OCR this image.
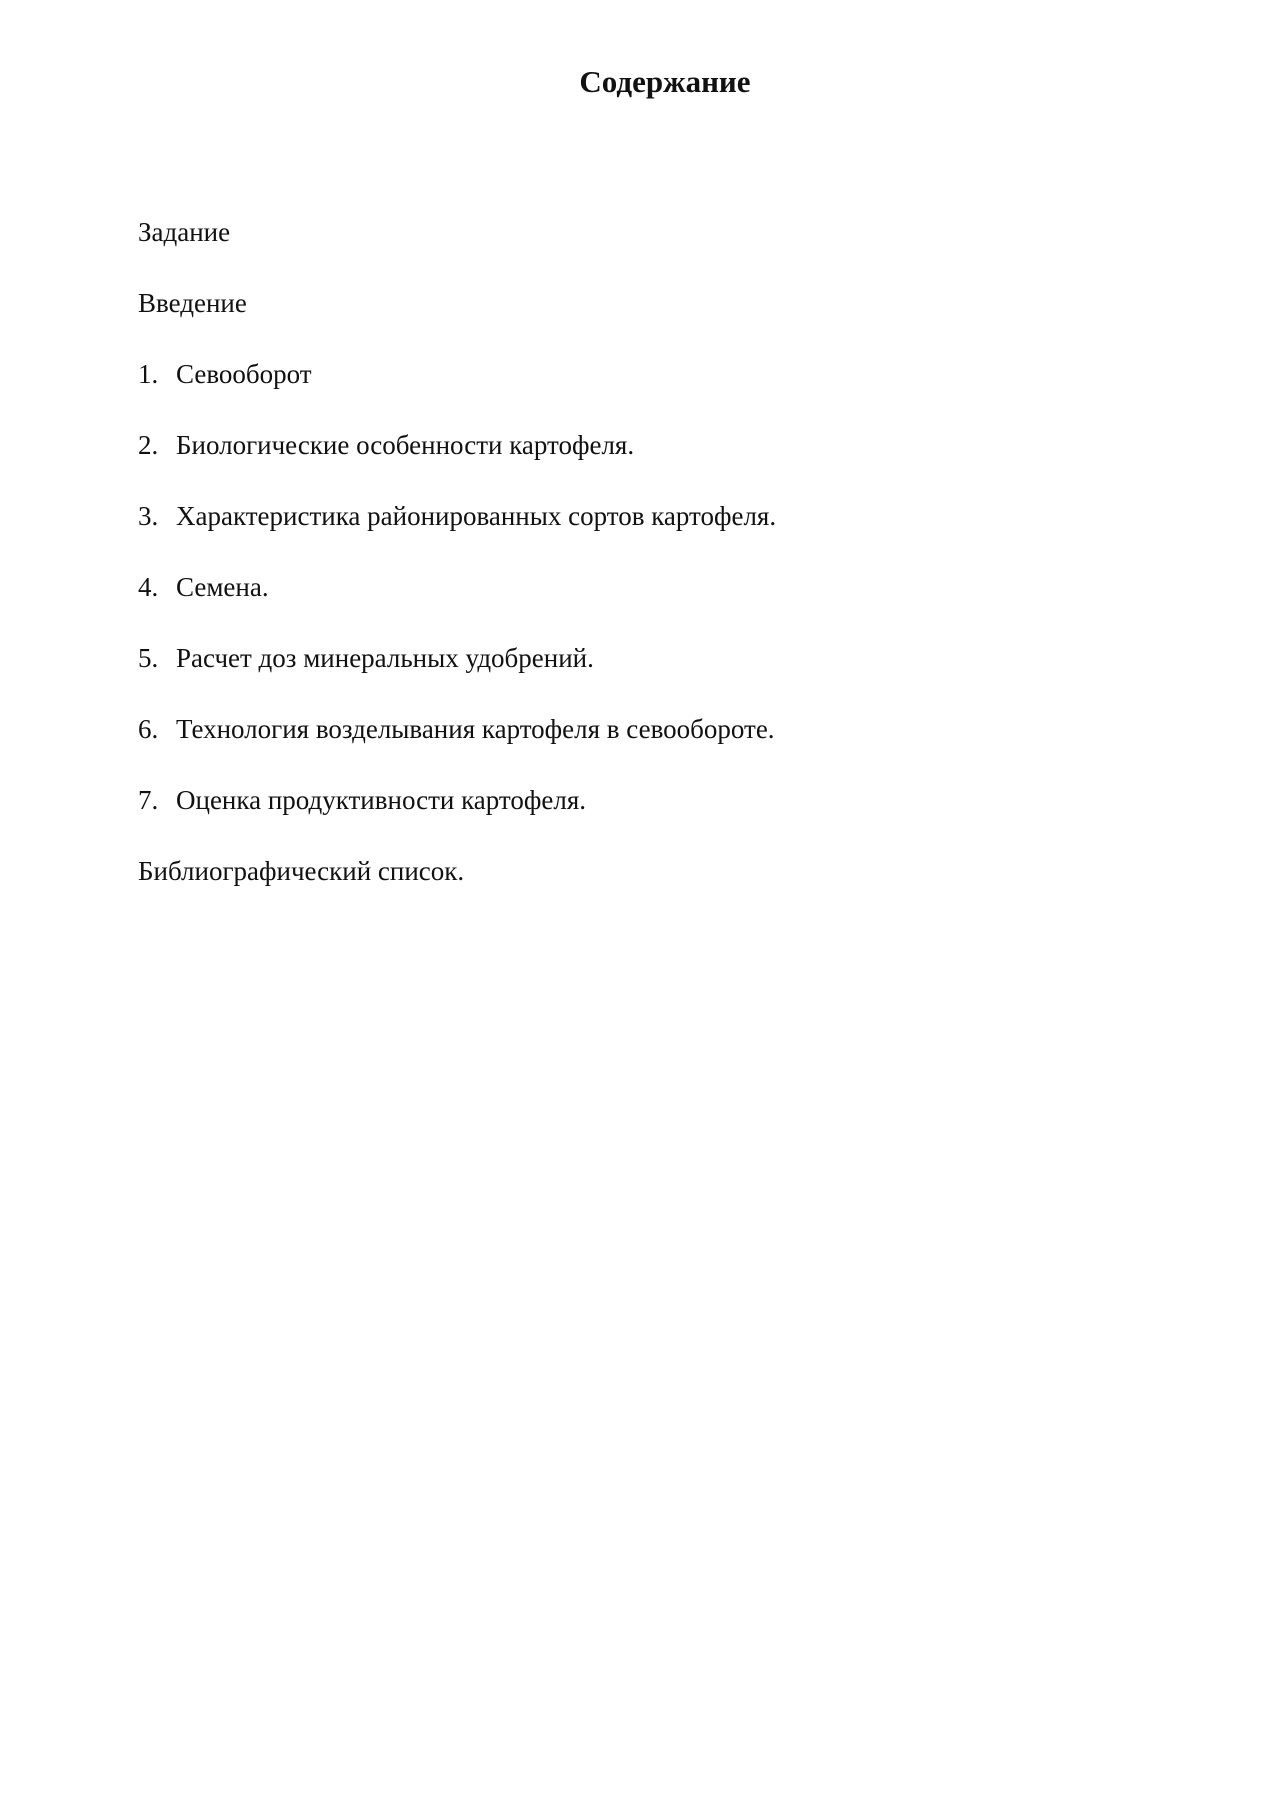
Содержание
Задание
Введение
1. Севооборот
2. Биологические особенности картофеля.
3. Характеристика районированных сортов картофеля.
4. Семена.
5. Расчет доз минеральных удобрений.
6. Технология возделывания картофеля в севообороте.
7. Оценка продуктивности картофеля.
Библиографический список.
